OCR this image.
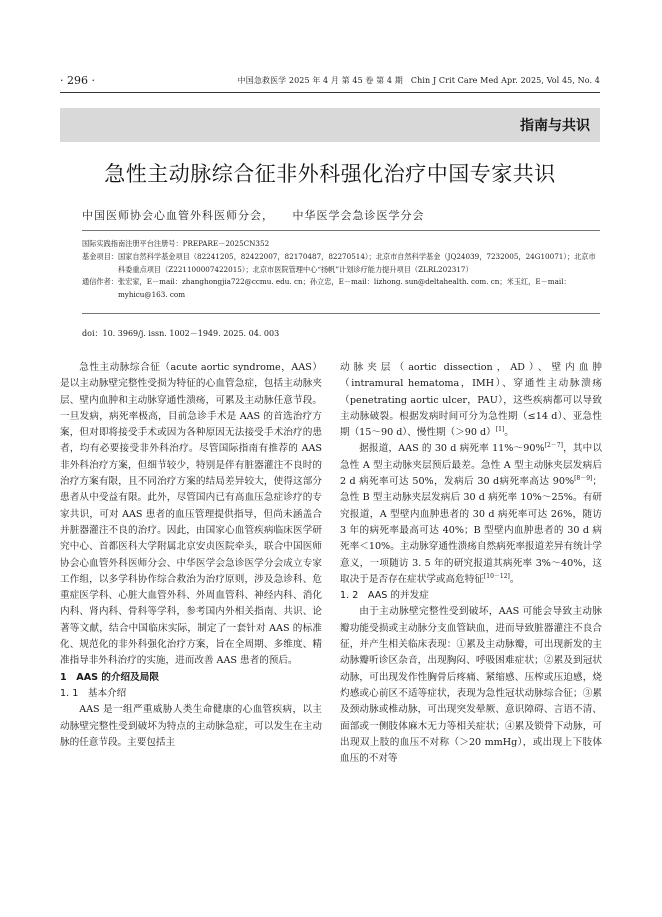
· 296 ·	中国急救医学 2025 年 4 月 第 45 卷 第 4 期　Chin J Crit Care Med Apr. 2025, Vol 45, No. 4
指南与共识
急性主动脉综合征非外科强化治疗中国专家共识
中国医师协会心血管外科医师分会， 中华医学会急诊医学分会
国际实践指南注册平台注册号： PREPARE－2025CN352
基金项目： 国家自然科学基金项目（82241205，82422007，82170487，82270514）；北京市自然科学基金（JQ24039，7232005，24G10071）；北京市科委重点项目（Z221100007422015）；北京市医院管理中心“扬帆”计划诊疗能力提升项目（ZLRL202317）
通信作者： 张宏家，E－mail：zhanghongjia722@ccmu. edu. cn；孙立忠，E－mail：lizhong. sun@deltahealth. com. cn；米玉红，E－mail：myhicu@163. com
doi：10. 3969/j. issn. 1002－1949. 2025. 04. 003

急性主动脉综合征（acute aortic syndrome，AAS）是以主动脉壁完整性受损为特征的心血管急症，包括主动脉夹层、壁内血肿和主动脉穿通性溃疡，可累及主动脉任意节段。一旦发病，病死率极高，目前急诊手术是 AAS 的首选治疗方案，但对即将接受手术或因为各种原因无法接受手术治疗的患者，均有必要接受非外科治疗。尽管国际指南有推荐的 AAS 非外科治疗方案，但细节较少，特别是伴有脏器灌注不良时的治疗方案有限，且不同治疗方案的结局差异较大，使得这部分患者从中受益有限。此外，尽管国内已有高血压急症诊疗的专家共识，可对 AAS 患者的血压管理提供指导，但尚未涵盖合并脏器灌注不良的治疗。因此，由国家心血管疾病临床医学研究中心、首都医科大学附属北京安贞医院牵头，联合中国医师协会心血管外科医师分会、中华医学会急诊医学分会成立专家工作组，以多学科协作综合救治为治疗原则，涉及急诊科、危重症医学科、心脏大血管外科、外周血管科、神经内科、消化内科、肾内科、骨科等学科，参考国内外相关指南、共识、论著等文献，结合中国临床实际，制定了一套针对 AAS 的标准化、规范化的非外科强化治疗方案，旨在全周期、多维度、精准指导非外科治疗的实施，进而改善 AAS 患者的预后。

1　AAS 的介绍及局限
1. 1　基本介绍

AAS 是一组严重威胁人类生命健康的心血管疾病，以主动脉壁完整性受到破坏为特点的主动脉急症，可以发生在主动脉的任意节段。主要包括主

动脉夹层（aortic dissection，AD）、壁内血肿（intramural hematoma，IMH）、穿通性主动脉溃疡（penetrating aortic ulcer，PAU），这些疾病都可以导致主动脉破裂。根据发病时间可分为急性期（≤14 d）、亚急性期（15～90 d）、慢性期（＞90 d）[1]。

据报道，AAS 的 30 d 病死率 11%～90%[2－7]，其中以急性 A 型主动脉夹层预后最差。急性 A 型主动脉夹层发病后 2 d 病死率可达 50%，发病后 30 d病死率高达 90%[8－9]；急性 B 型主动脉夹层发病后 30 d 病死率 10%～25%。有研究报道，A 型壁内血肿患者的 30 d 病死率可达 26%，随访 3 年的病死率最高可达 40%；B 型壁内血肿患者的 30 d 病死率＜10%。主动脉穿通性溃疡自然病死率报道差异有统计学意义，一项随访 3. 5 年的研究报道其病死率 3%～40%，这取决于是否存在症状学或高危特征[10－12]。

1. 2　AAS 的并发症

由于主动脉壁完整性受到破坏，AAS 可能会导致主动脉瓣功能受损或主动脉分支血管缺血，进而导致脏器灌注不良合征，并产生相关临床表现：①累及主动脉瓣，可出现新发的主动脉瓣听诊区杂音，出现胸闷、呼吸困难症状；②累及到冠状动脉，可出现发作性胸骨后疼痛、紧缩感、压榨或压迫感，烧灼感或心前区不适等症状，表现为急性冠状动脉综合征；③累及颈动脉或椎动脉，可出现突发晕厥、意识障碍、言语不清、面部或一侧肢体麻木无力等相关症状；④累及锁骨下动脉，可出现双上肢的血压不对称（＞20 mmHg），或出现上下肢体血压的不对等
